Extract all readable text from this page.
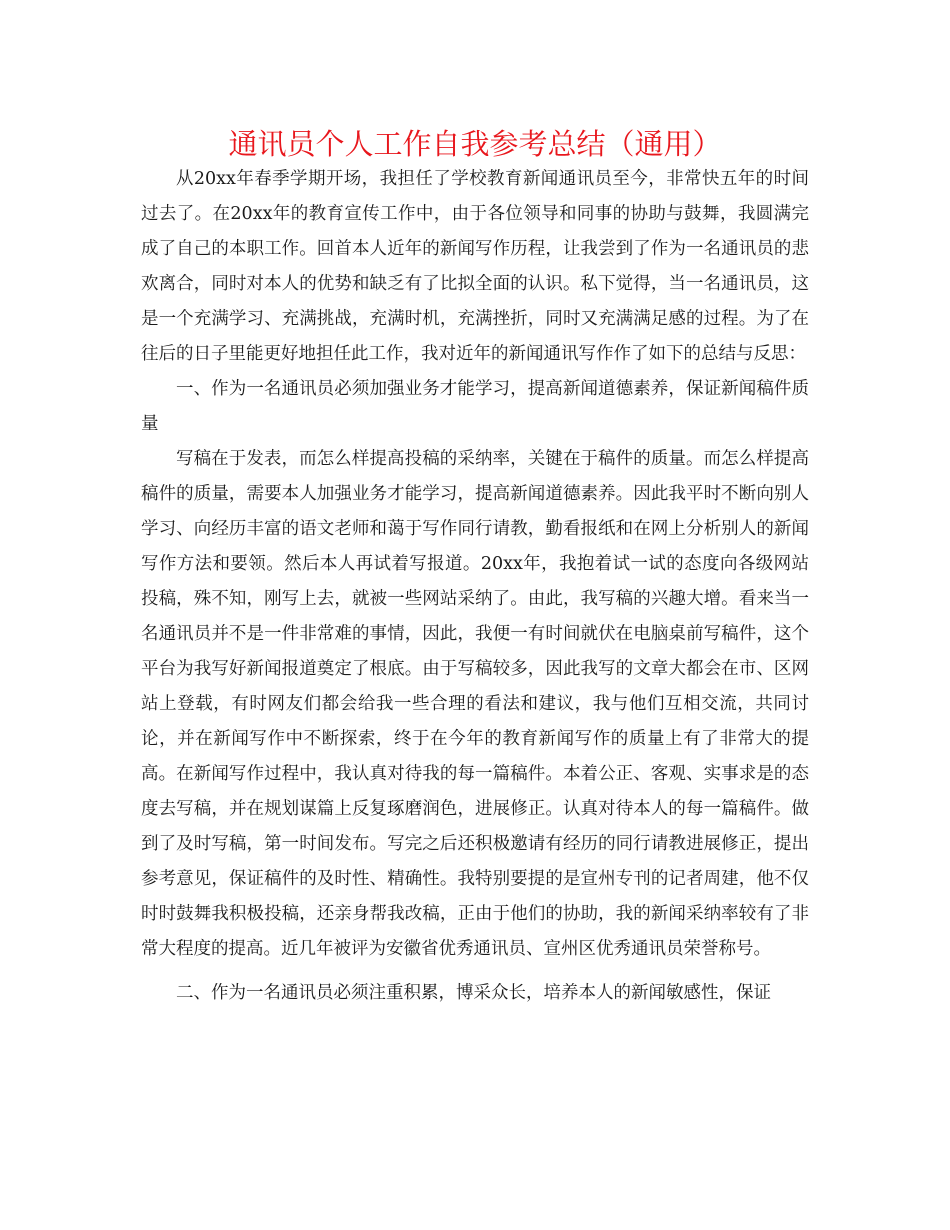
通讯员个人工作自我参考总结（通用）

从20xx年春季学期开场，我担任了学校教育新闻通讯员至今，非常快五年的时间过去了。在20xx年的教育宣传工作中，由于各位领导和同事的协助与鼓舞，我圆满完成了自己的本职工作。回首本人近年的新闻写作历程，让我尝到了作为一名通讯员的悲欢离合，同时对本人的优势和缺乏有了比拟全面的认识。私下觉得，当一名通讯员，这是一个充满学习、充满挑战，充满时机，充满挫折，同时又充满满足感的过程。为了在往后的日子里能更好地担任此工作，我对近年的新闻通讯写作作了如下的总结与反思：

一、作为一名通讯员必须加强业务才能学习，提高新闻道德素养，保证新闻稿件质量

写稿在于发表，而怎么样提高投稿的采纳率，关键在于稿件的质量。而怎么样提高稿件的质量，需要本人加强业务才能学习，提高新闻道德素养。因此我平时不断向别人学习、向经历丰富的语文老师和蔼于写作同行请教，勤看报纸和在网上分析别人的新闻写作方法和要领。然后本人再试着写报道。20xx年，我抱着试一试的态度向各级网站投稿，殊不知，刚写上去，就被一些网站采纳了。由此，我写稿的兴趣大增。看来当一名通讯员并不是一件非常难的事情，因此，我便一有时间就伏在电脑桌前写稿件，这个平台为我写好新闻报道奠定了根底。由于写稿较多，因此我写的文章大都会在市、区网站上登载，有时网友们都会给我一些合理的看法和建议，我与他们互相交流，共同讨论，并在新闻写作中不断探索，终于在今年的教育新闻写作的质量上有了非常大的提高。在新闻写作过程中，我认真对待我的每一篇稿件。本着公正、客观、实事求是的态度去写稿，并在规划谋篇上反复琢磨润色，进展修正。认真对待本人的每一篇稿件。做到了及时写稿，第一时间发布。写完之后还积极邀请有经历的同行请教进展修正，提出参考意见，保证稿件的及时性、精确性。我特别要提的是宣州专刊的记者周建，他不仅时时鼓舞我积极投稿，还亲身帮我改稿，正由于他们的协助，我的新闻采纳率较有了非常大程度的提高。近几年被评为安徽省优秀通讯员、宣州区优秀通讯员荣誉称号。

二、作为一名通讯员必须注重积累，博采众长，培养本人的新闻敏感性，保证
